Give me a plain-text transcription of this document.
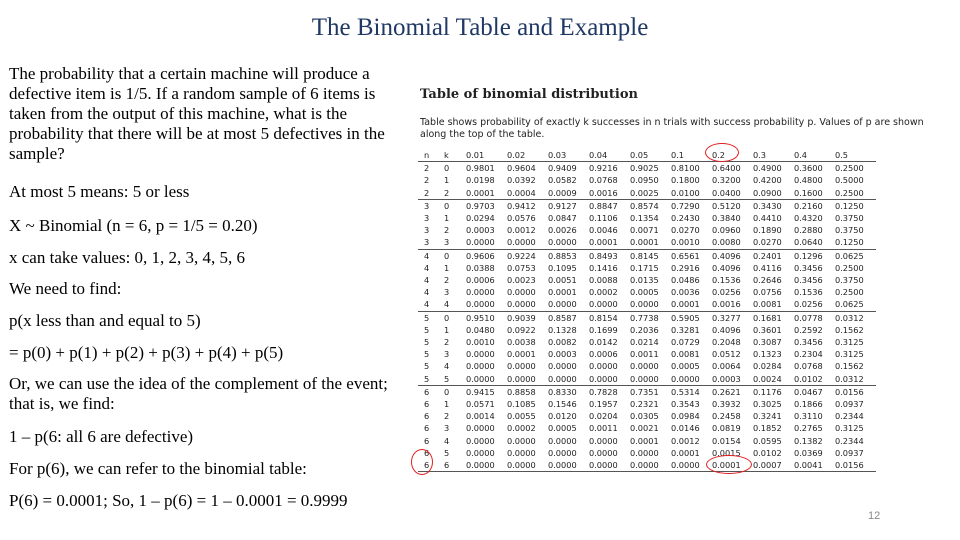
The Binomial Table and Example

The probability that a certain machine will produce a defective item is 1/5. If a random sample of 6 items is taken from the output of this machine, what is the probability that there will be at most 5 defectives in the sample?

At most 5 means: 5 or less

X ~ Binomial (n = 6, p = 1/5 = 0.20)

x can take values: 0, 1, 2, 3, 4, 5, 6

We need to find:

p(x less than and equal to 5)

= p(0) + p(1) + p(2) + p(3) + p(4) + p(5)

Or, we can use the idea of the complement of the event; that is, we find:

1 – p(6: all 6 are defective)

For p(6), we can refer to the binomial table:

P(6) = 0.0001; So, 1 – p(6) = 1 – 0.0001 = 0.9999

Table of binomial distribution
Table shows probability of exactly k successes in n trials with success probability p. Values of p are shown along the top of the table.
n	k	0.01	0.02	0.03	0.04	0.05	0.1	0.2	0.3	0.4	0.5
2	0	0.9801	0.9604	0.9409	0.9216	0.9025	0.8100	0.6400	0.4900	0.3600	0.2500
2	1	0.0198	0.0392	0.0582	0.0768	0.0950	0.1800	0.3200	0.4200	0.4800	0.5000
2	2	0.0001	0.0004	0.0009	0.0016	0.0025	0.0100	0.0400	0.0900	0.1600	0.2500
3	0	0.9703	0.9412	0.9127	0.8847	0.8574	0.7290	0.5120	0.3430	0.2160	0.1250
3	1	0.0294	0.0576	0.0847	0.1106	0.1354	0.2430	0.3840	0.4410	0.4320	0.3750
3	2	0.0003	0.0012	0.0026	0.0046	0.0071	0.0270	0.0960	0.1890	0.2880	0.3750
3	3	0.0000	0.0000	0.0000	0.0001	0.0001	0.0010	0.0080	0.0270	0.0640	0.1250
4	0	0.9606	0.9224	0.8853	0.8493	0.8145	0.6561	0.4096	0.2401	0.1296	0.0625
4	1	0.0388	0.0753	0.1095	0.1416	0.1715	0.2916	0.4096	0.4116	0.3456	0.2500
4	2	0.0006	0.0023	0.0051	0.0088	0.0135	0.0486	0.1536	0.2646	0.3456	0.3750
4	3	0.0000	0.0000	0.0001	0.0002	0.0005	0.0036	0.0256	0.0756	0.1536	0.2500
4	4	0.0000	0.0000	0.0000	0.0000	0.0000	0.0001	0.0016	0.0081	0.0256	0.0625
5	0	0.9510	0.9039	0.8587	0.8154	0.7738	0.5905	0.3277	0.1681	0.0778	0.0312
5	1	0.0480	0.0922	0.1328	0.1699	0.2036	0.3281	0.4096	0.3601	0.2592	0.1562
5	2	0.0010	0.0038	0.0082	0.0142	0.0214	0.0729	0.2048	0.3087	0.3456	0.3125
5	3	0.0000	0.0001	0.0003	0.0006	0.0011	0.0081	0.0512	0.1323	0.2304	0.3125
5	4	0.0000	0.0000	0.0000	0.0000	0.0000	0.0005	0.0064	0.0284	0.0768	0.1562
5	5	0.0000	0.0000	0.0000	0.0000	0.0000	0.0000	0.0003	0.0024	0.0102	0.0312
6	0	0.9415	0.8858	0.8330	0.7828	0.7351	0.5314	0.2621	0.1176	0.0467	0.0156
6	1	0.0571	0.1085	0.1546	0.1957	0.2321	0.3543	0.3932	0.3025	0.1866	0.0937
6	2	0.0014	0.0055	0.0120	0.0204	0.0305	0.0984	0.2458	0.3241	0.3110	0.2344
6	3	0.0000	0.0002	0.0005	0.0011	0.0021	0.0146	0.0819	0.1852	0.2765	0.3125
6	4	0.0000	0.0000	0.0000	0.0000	0.0001	0.0012	0.0154	0.0595	0.1382	0.2344
6	5	0.0000	0.0000	0.0000	0.0000	0.0000	0.0001	0.0015	0.0102	0.0369	0.0937
6	6	0.0000	0.0000	0.0000	0.0000	0.0000	0.0000	0.0001	0.0007	0.0041	0.0156
12
